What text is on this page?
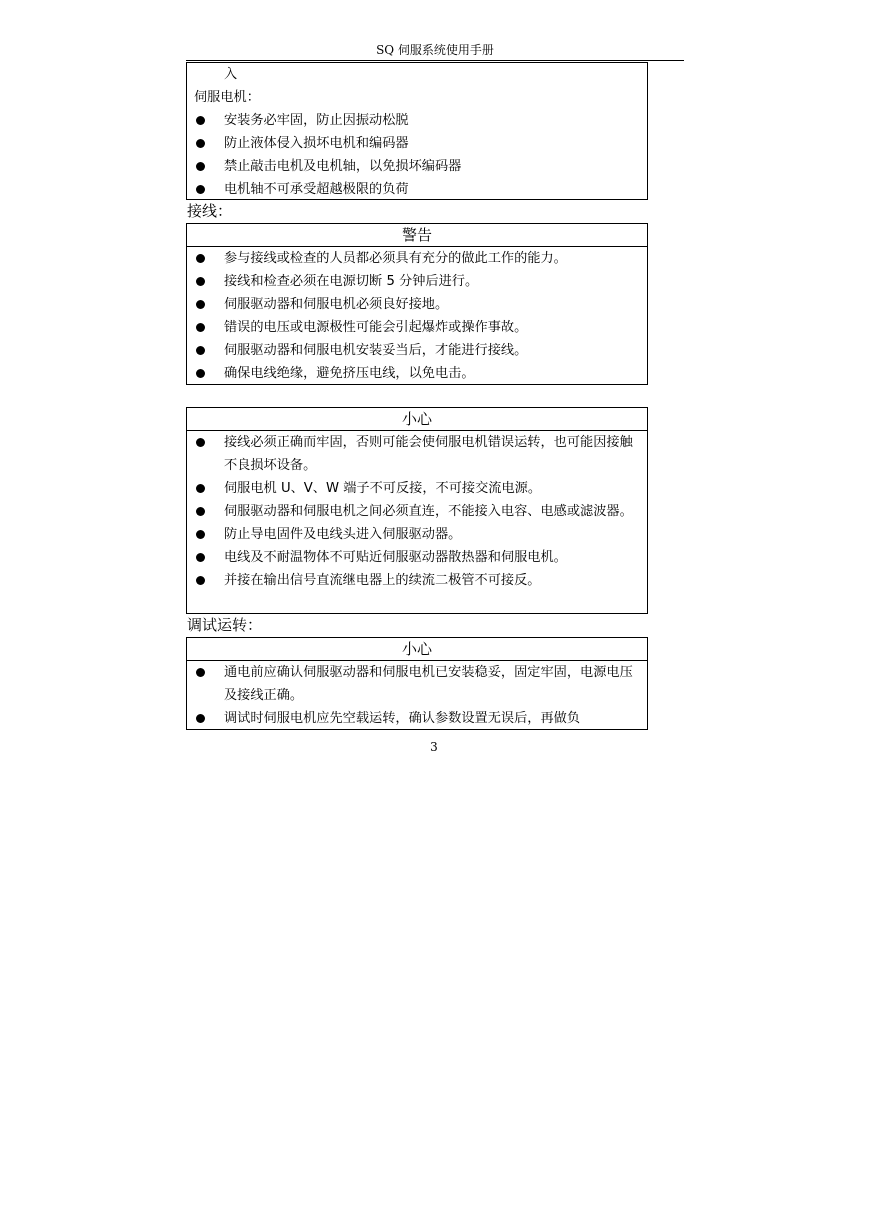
SQ 伺服系统使用手册
入
伺服电机：
安装务必牢固，防止因振动松脱
防止液体侵入损坏电机和编码器
禁止敲击电机及电机轴，以免损坏编码器
电机轴不可承受超越极限的负荷
接线：
警告
参与接线或检查的人员都必须具有充分的做此工作的能力。
接线和检查必须在电源切断 5 分钟后进行。
伺服驱动器和伺服电机必须良好接地。
错误的电压或电源极性可能会引起爆炸或操作事故。
伺服驱动器和伺服电机安装妥当后，才能进行接线。
确保电线绝缘，避免挤压电线，以免电击。
小心
接线必须正确而牢固，否则可能会使伺服电机错误运转，也可能因接触不良损坏设备。
伺服电机 U、V、W 端子不可反接，不可接交流电源。
伺服驱动器和伺服电机之间必须直连，不能接入电容、电感或滤波器。
防止导电固件及电线头进入伺服驱动器。
电线及不耐温物体不可贴近伺服驱动器散热器和伺服电机。
并接在输出信号直流继电器上的续流二极管不可接反。
调试运转：
小心
通电前应确认伺服驱动器和伺服电机已安装稳妥，固定牢固，电源电压及接线正确。
调试时伺服电机应先空载运转，确认参数设置无误后，再做负
3
